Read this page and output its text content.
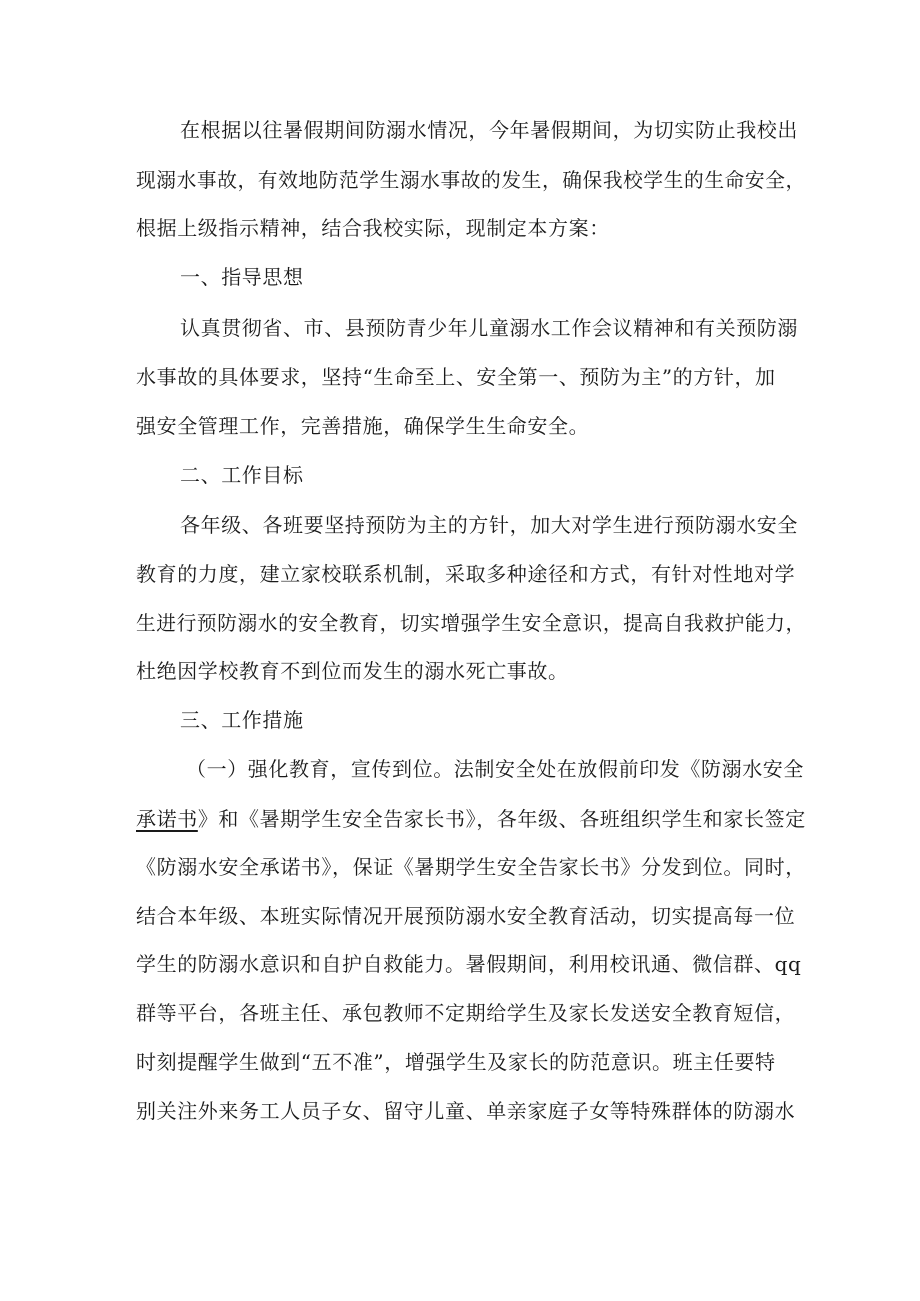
在根据以往暑假期间防溺水情况，今年暑假期间，为切实防止我校出
现溺水事故，有效地防范学生溺水事故的发生，确保我校学生的生命安全，
根据上级指示精神，结合我校实际，现制定本方案：
一、指导思想
认真贯彻省、市、县预防青少年儿童溺水工作会议精神和有关预防溺
水事故的具体要求，坚持“生命至上、安全第一、预防为主”的方针，加
强安全管理工作，完善措施，确保学生生命安全。
二、工作目标
各年级、各班要坚持预防为主的方针，加大对学生进行预防溺水安全
教育的力度，建立家校联系机制，采取多种途径和方式，有针对性地对学
生进行预防溺水的安全教育，切实增强学生安全意识，提高自我救护能力，
杜绝因学校教育不到位而发生的溺水死亡事故。
三、工作措施
（一）强化教育，宣传到位。法制安全处在放假前印发《防溺水安全
承诺书》和《暑期学生安全告家长书》，各年级、各班组织学生和家长签定
《防溺水安全承诺书》，保证《暑期学生安全告家长书》分发到位。同时，
结合本年级、本班实际情况开展预防溺水安全教育活动，切实提高每一位
学生的防溺水意识和自护自救能力。暑假期间，利用校讯通、微信群、qq
群等平台，各班主任、承包教师不定期给学生及家长发送安全教育短信，
时刻提醒学生做到“五不准”，增强学生及家长的防范意识。班主任要特
别关注外来务工人员子女、留守儿童、单亲家庭子女等特殊群体的防溺水
